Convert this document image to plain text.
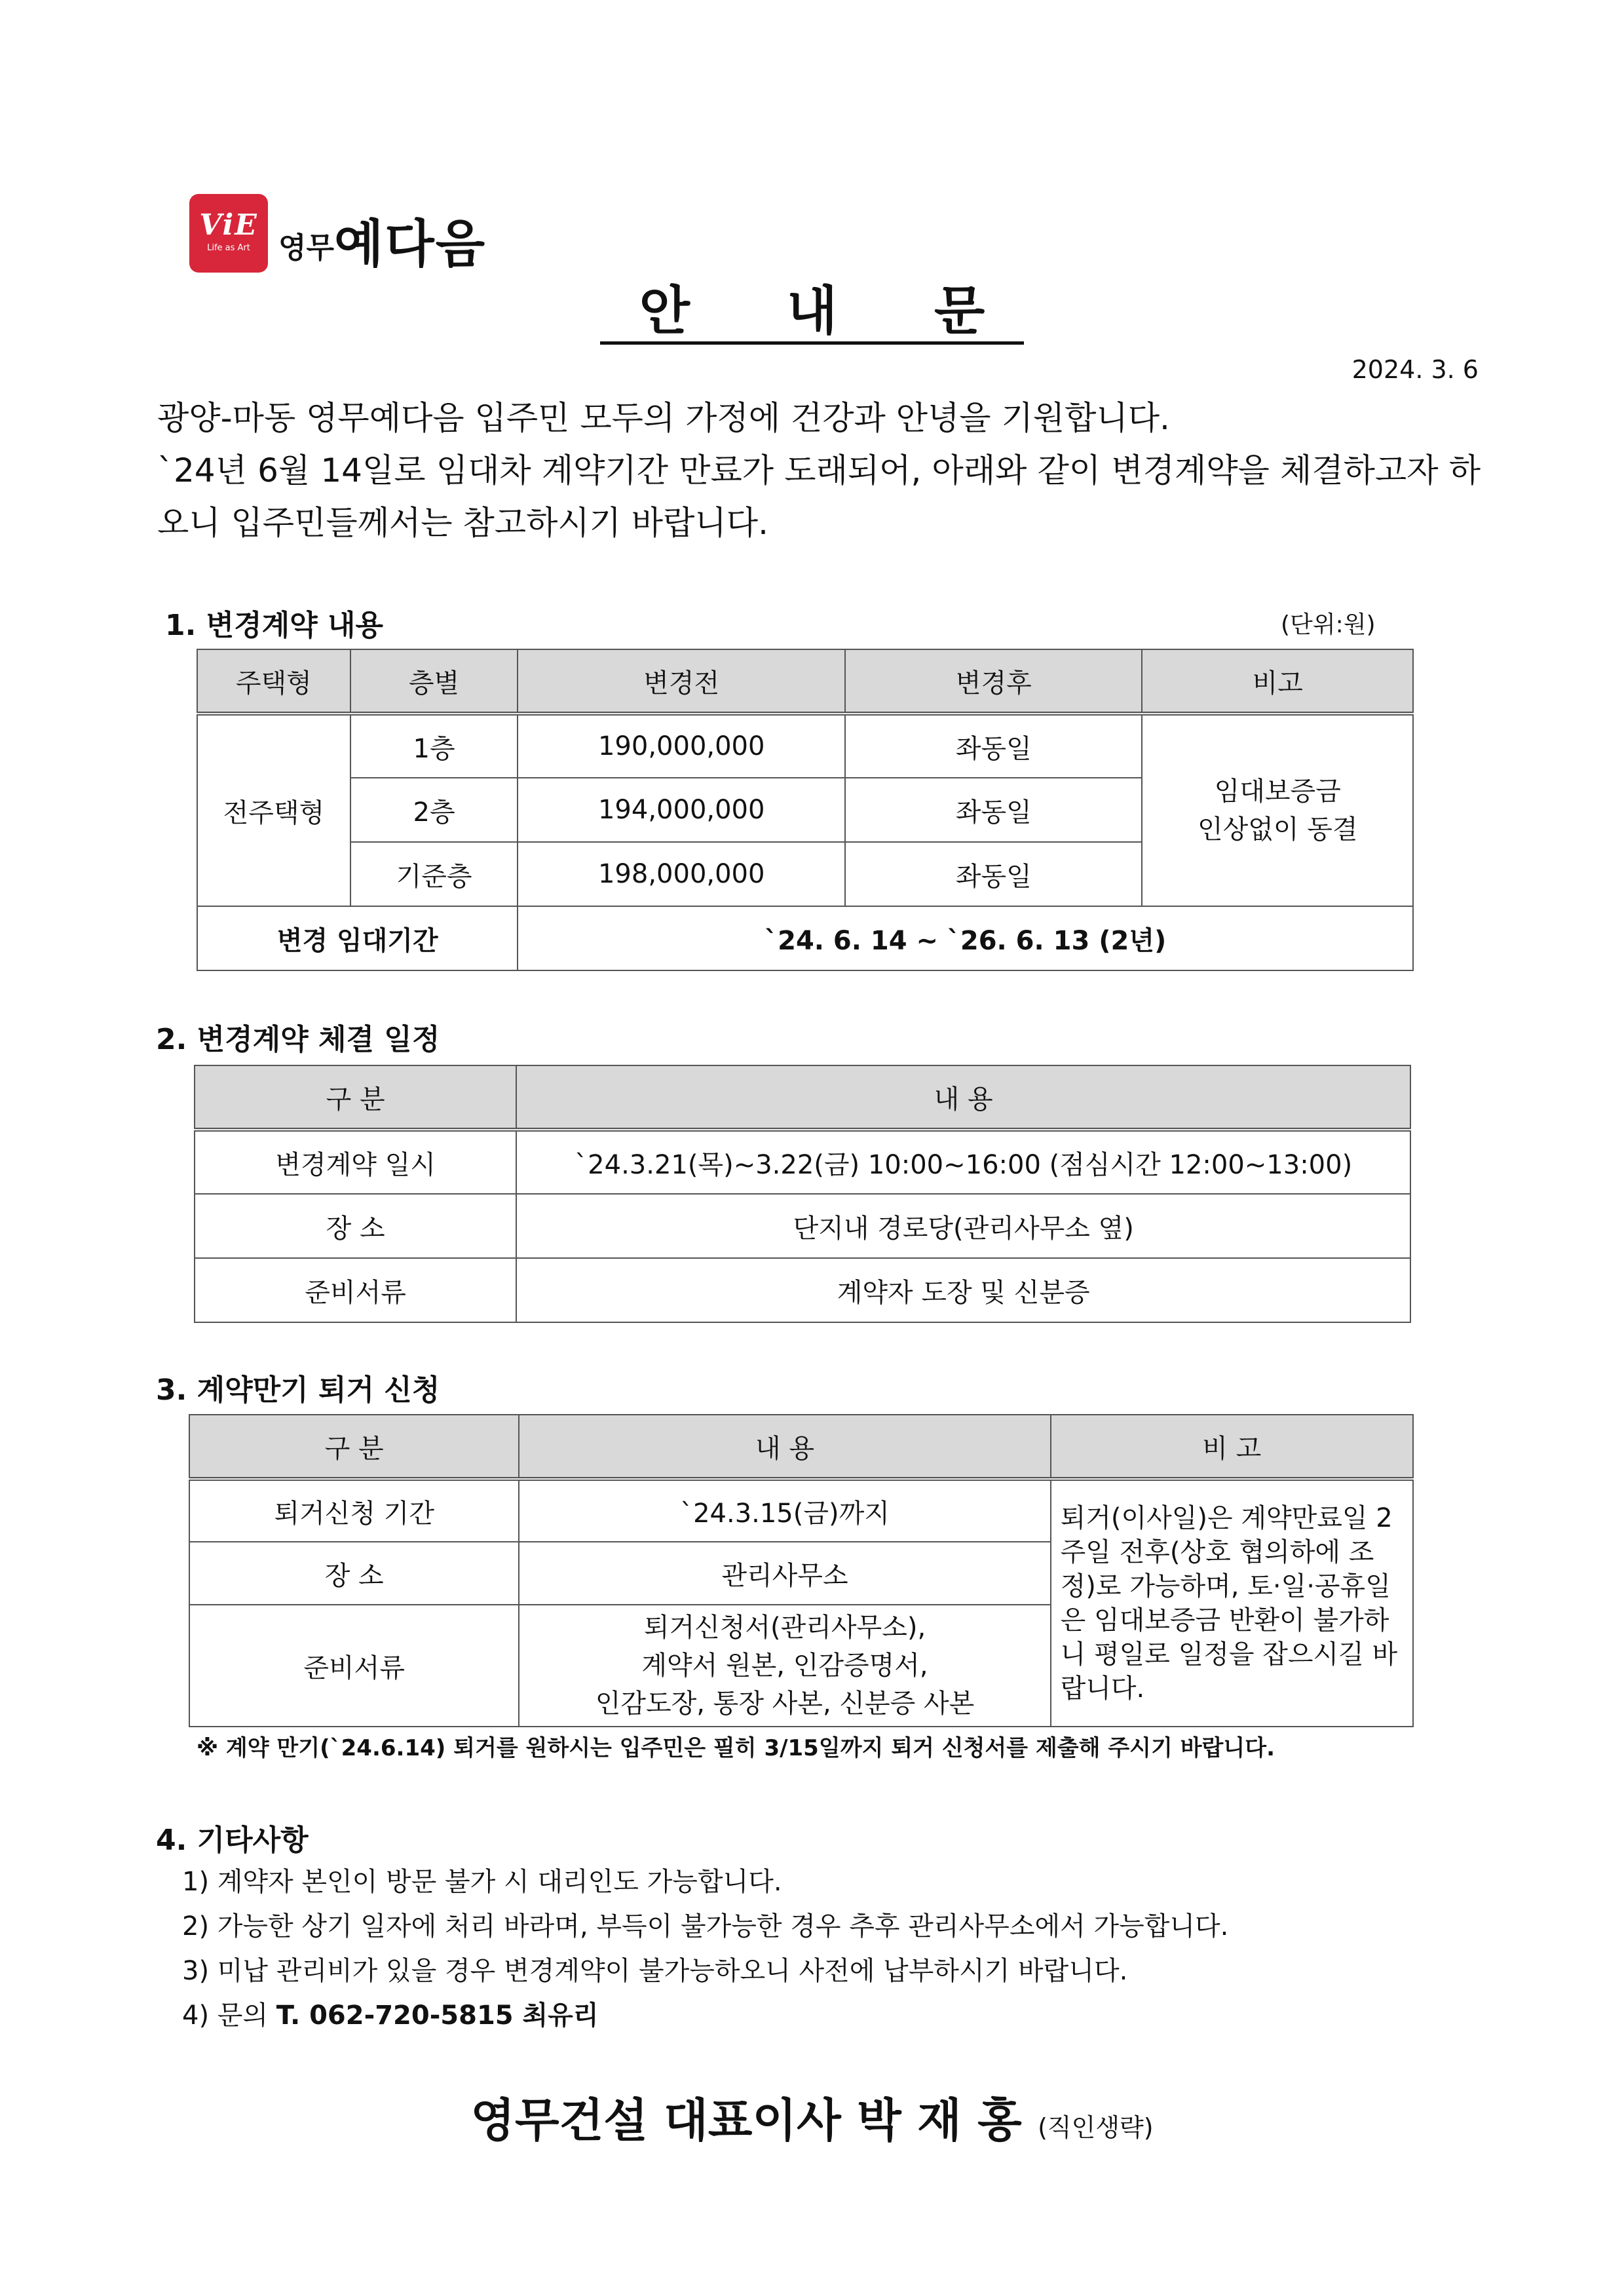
ViE
Life as Art 영무예다음
안 내 문
2024. 3. 6
광양-마동 영무예다음 입주민 모두의 가정에 건강과 안녕을 기원합니다.
`24년 6월 14일로 임대차 계약기간 만료가 도래되어, 아래와 같이 변경계약을 체결하고자 하오니 입주민들께서는 참고하시기 바랍니다.
1. 변경계약 내용	(단위:원)
주택형	층별	변경전	변경후	비고
전주택형	1층	190,000,000	좌동일	임대보증금
인상없이 동결

	2층	194,000,000	좌동일	
	기준층	198,000,000	좌동일	
변경 임대기간		`24. 6. 14 ~ `26. 6. 13 (2년)		
2. 변경계약 체결 일정
구 분	내 용
변경계약 일시	`24.3.21(목)~3.22(금) 10:00~16:00 (점심시간 12:00~13:00)
장 소	단지내 경로당(관리사무소 옆)
준비서류	계약자 도장 및 신분증
3. 계약만기 퇴거 신청
구 분	내 용	비 고
퇴거신청 기간	`24.3.15(금)까지	퇴거(이사일)은 계약만료일 2주일 전후(상호 협의하에 조정)로 가능하며, 토·일·공휴일은 임대보증금 반환이 불가하니 평일로 일정을 잡으시길 바랍니다.
장 소	관리사무소	
준비서류	퇴거신청서(관리사무소),
계약서 원본, 인감증명서,
인감도장, 통장 사본, 신분증 사본	
※ 계약 만기(`24.6.14) 퇴거를 원하시는 입주민은 필히 3/15일까지 퇴거 신청서를 제출해 주시기 바랍니다.
4. 기타사항
1) 계약자 본인이 방문 불가 시 대리인도 가능합니다.
2) 가능한 상기 일자에 처리 바라며, 부득이 불가능한 경우 추후 관리사무소에서 가능합니다.
3) 미납 관리비가 있을 경우 변경계약이 불가능하오니 사전에 납부하시기 바랍니다.
4) 문의 T. 062-720-5815 최유리
영무건설 대표이사 박 재 홍 (직인생략)
